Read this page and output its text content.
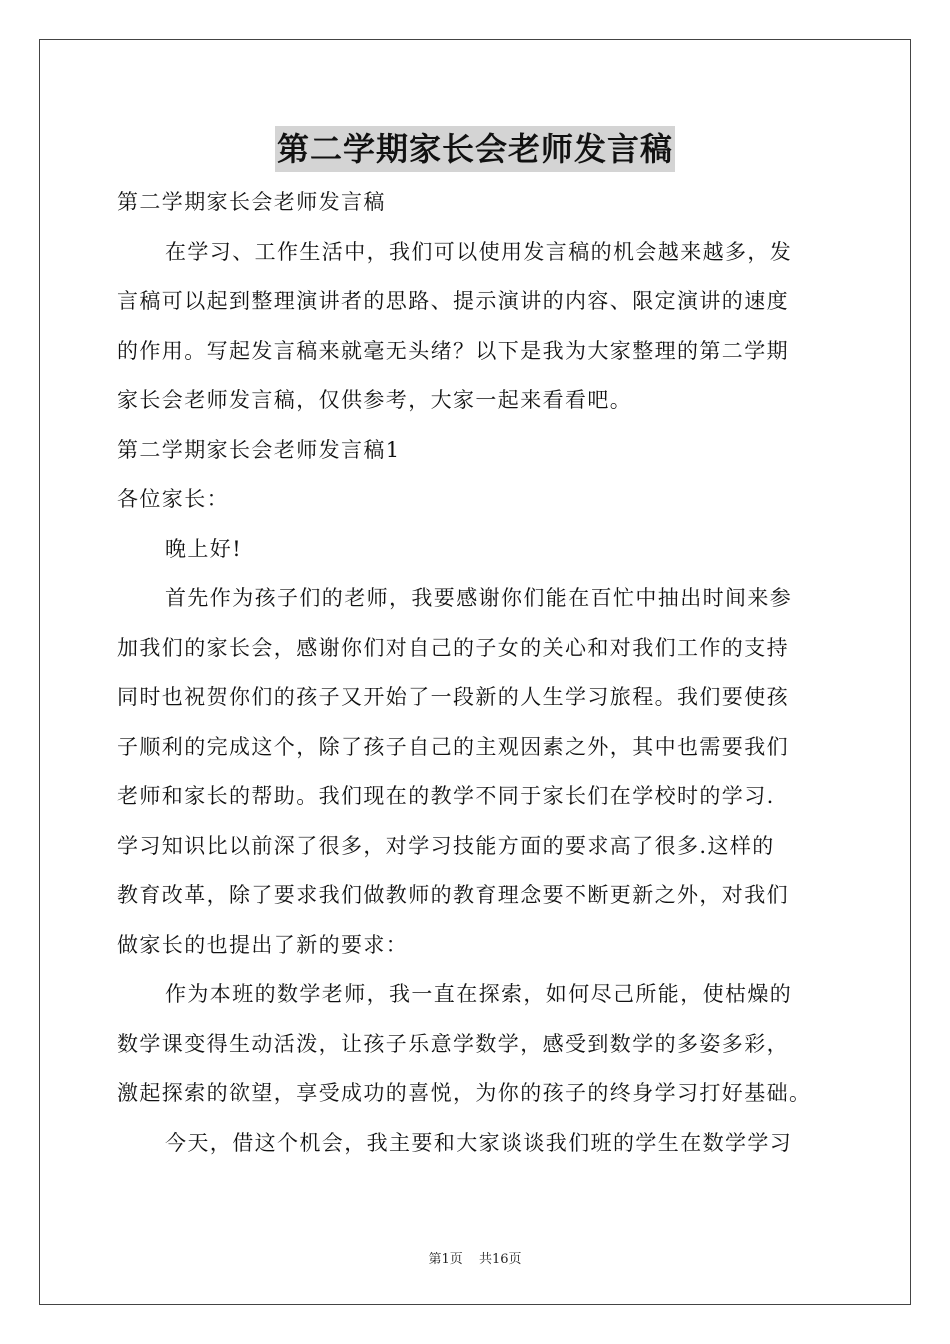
第二学期家长会老师发言稿

第二学期家长会老师发言稿

在学习、工作生活中，我们可以使用发言稿的机会越来越多，发

言稿可以起到整理演讲者的思路、提示演讲的内容、限定演讲的速度

的作用。写起发言稿来就毫无头绪？以下是我为大家整理的第二学期

家长会老师发言稿，仅供参考，大家一起来看看吧。

第二学期家长会老师发言稿1

各位家长：

晚上好!

首先作为孩子们的老师，我要感谢你们能在百忙中抽出时间来参

加我们的家长会，感谢你们对自己的子女的关心和对我们工作的支持

同时也祝贺你们的孩子又开始了一段新的人生学习旅程。我们要使孩

子顺利的完成这个，除了孩子自己的主观因素之外，其中也需要我们

老师和家长的帮助。我们现在的教学不同于家长们在学校时的学习.

学习知识比以前深了很多，对学习技能方面的要求高了很多.这样的

教育改革，除了要求我们做教师的教育理念要不断更新之外，对我们

做家长的也提出了新的要求：

作为本班的数学老师，我一直在探索，如何尽己所能，使枯燥的

数学课变得生动活泼，让孩子乐意学数学，感受到数学的多姿多彩，

激起探索的欲望，享受成功的喜悦，为你的孩子的终身学习打好基础。

今天，借这个机会，我主要和大家谈谈我们班的学生在数学学习

第1页 共16页
